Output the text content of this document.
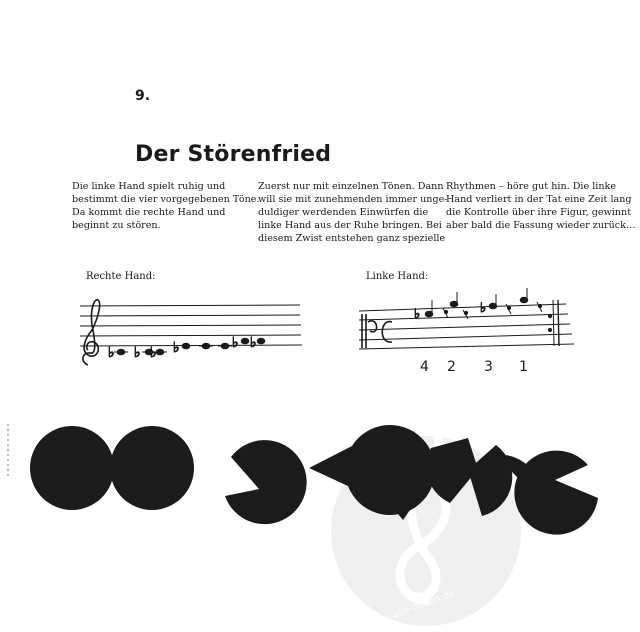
9.
Der Störenfried
Die linke Hand spielt ruhig und
bestimmt die vier vorgegebenen Töne.
Da kommt die rechte Hand und
beginnt zu stören.
Zuerst nur mit einzelnen Tönen. Dann
will sie mit zunehmenden immer unge-
duldiger werdenden Einwürfen die
linke Hand aus der Ruhe bringen. Bei
diesem Zwist entstehen ganz spezielle
Rhythmen – höre gut hin. Die linke
Hand verliert in der Tat eine Zeit lang
die Kontrolle über ihre Figur, gewinnt
aber bald die Fassung wieder zurück…
Rechte Hand:	Linke Hand:
alle-noten.de
♭ ♭ ♭ ♭	♭ ♭
♭	♭
4 2 3 1
